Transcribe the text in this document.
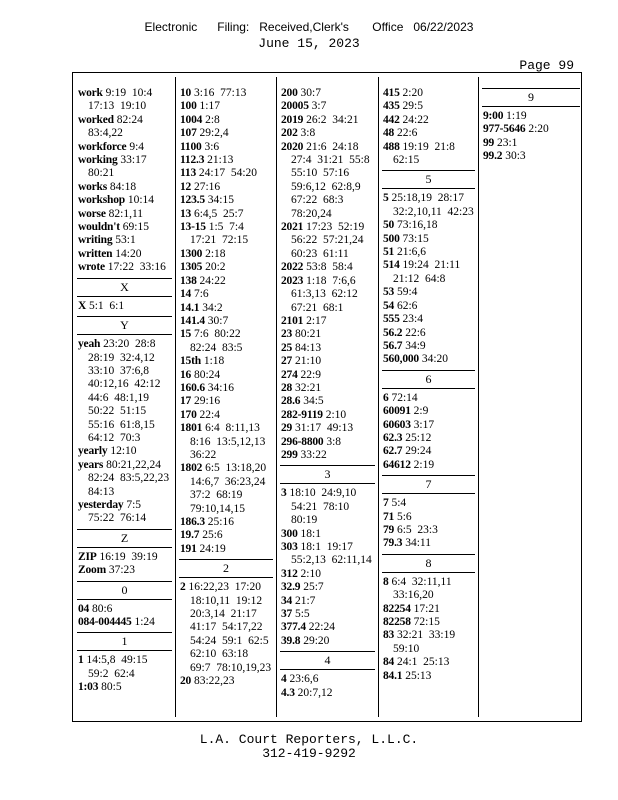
Electronic      Filing:   Received,Clerk's       Office   06/22/2023
June 15, 2023
Page 99
work 9:19  10:4  17:13  19:10
worked 82:24  83:4,22
workforce 9:4
working 33:17  80:21
works 84:18
workshop 10:14
worse 82:1,11
wouldn't 69:15
writing 53:1
written 14:20
wrote 17:22  33:16
X
X 5:1  6:1
Y
yeah 23:20  28:8  28:19  32:4,12  33:10  37:6,8  40:12,16  42:12  44:6  48:1,19  50:22  51:15  55:16  61:8,15  64:12  70:3
yearly 12:10
years 80:21,22,24  82:24  83:5,22,23  84:13
yesterday 7:5  75:22  76:14
Z
ZIP 16:19  39:19
Zoom 37:23
0
04 80:6
084-004445 1:24
1
1 14:5,8  49:15  59:2  62:4
1:03 80:5
10 3:16  77:13
100 1:17
1004 2:8
107 29:2,4
1100 3:6
112.3 21:13
113 24:17  54:20
12 27:16
123.5 34:15
13 6:4,5  25:7
13-15 1:5  7:4  17:21  72:15
1300 2:18
1305 20:2
138 24:22
14 7:6
14.1 34:2
141.4 30:7
15 7:6  80:22  82:24  83:5
15th 1:18
16 80:24
160.6 34:16
17 29:16
170 22:4
1801 6:4  8:11,13  8:16  13:5,12,13  36:22
1802 6:5  13:18,20  14:6,7  36:23,24  37:2  68:19  79:10,14,15
186.3 25:16
19.7 25:6
191 24:19
2
2 16:22,23  17:20  18:10,11  19:12  20:3,14  21:17  41:17  54:17,22  54:24  59:1  62:5  62:10  63:18  69:7  78:10,19,23
20 83:22,23
200 30:7
20005 3:7
2019 26:2  34:21
202 3:8
2020 21:6  24:18  27:4  31:21  55:8  55:10  57:16  59:6,12  62:8,9  67:22  68:3  78:20,24
2021 17:23  52:19  56:22  57:21,24  60:23  61:11
2022 53:8  58:4
2023 1:18  7:6,6  61:3,13  62:12  67:21  68:1
2101 2:17
23 80:21
25 84:13
27 21:10
274 22:9
28 32:21
28.6 34:5
282-9119 2:10
29 31:17  49:13
296-8800 3:8
299 33:22
3
3 18:10  24:9,10  54:21  78:10  80:19
300 18:1
303 18:1  19:17  55:2,13  62:11,14
312 2:10
32.9 25:7
34 21:7
37 5:5
377.4 22:24
39.8 29:20
4
4 23:6,6
4.3 20:7,12
415 2:20
435 29:5
442 24:22
48 22:6
488 19:19  21:8  62:15
5
5 25:18,19  28:17  32:2,10,11  42:23
50 73:16,18
500 73:15
51 21:6,6
514 19:24  21:11  21:12  64:8
53 59:4
54 62:6
555 23:4
56.2 22:6
56.7 34:9
560,000 34:20
6
6 72:14
60091 2:9
60603 3:17
62.3 25:12
62.7 29:24
64612 2:19
7
7 5:4
71 5:6
79 6:5  23:3
79.3 34:11
8
8 6:4  32:11,11  33:16,20
82254 17:21
82258 72:15
83 32:21  33:19  59:10
84 24:1  25:13
84.1 25:13
9
9:00 1:19
977-5646 2:20
99 23:1
99.2 30:3
L.A. Court Reporters, L.L.C.
312-419-9292
